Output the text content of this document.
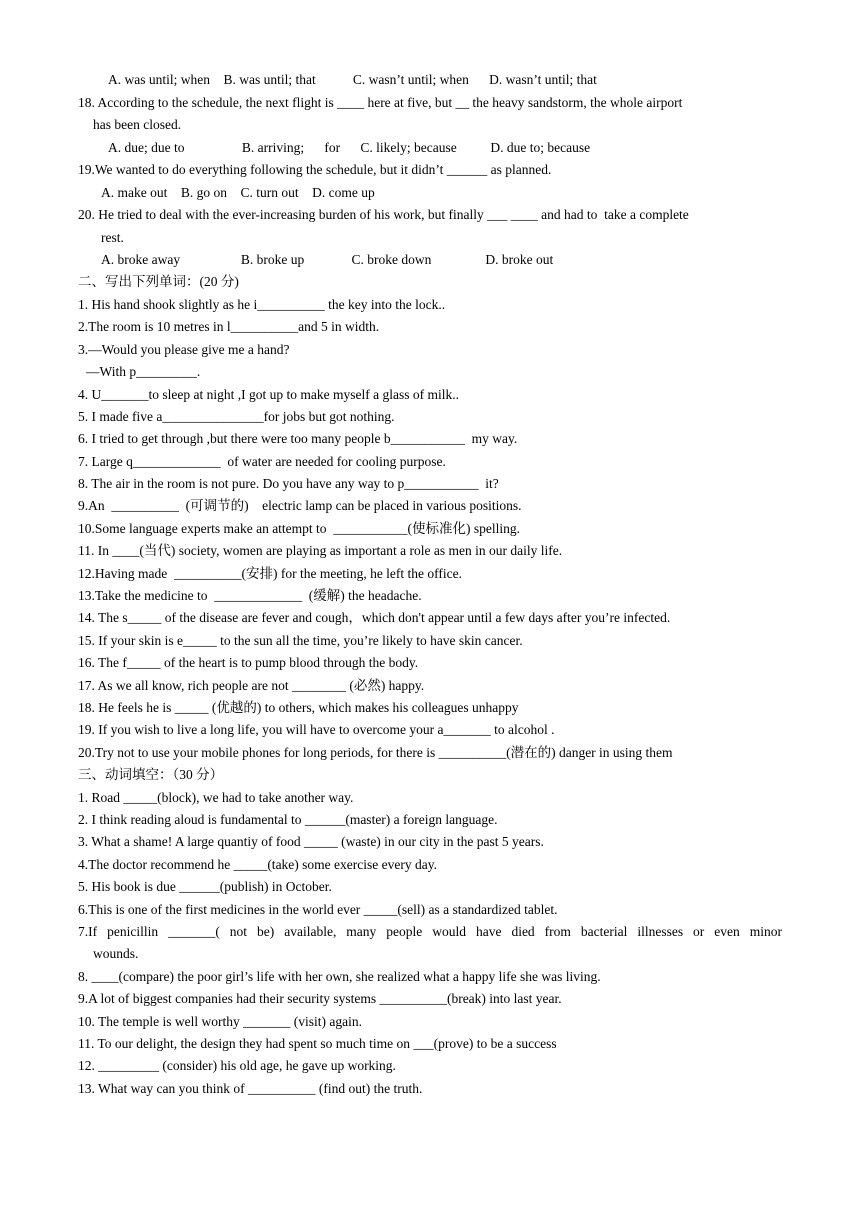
A. was until; when    B. was until; that           C. wasn’t until; when      D. wasn’t until; that
18. According to the schedule, the next flight is ____ here at five, but __ the heavy sandstorm, the whole airport
has been closed.
A. due; due to                 B. arriving;      for      C. likely; because          D. due to; because
19.We wanted to do everything following the schedule, but it didn’t ______ as planned.
A. make out    B. go on    C. turn out    D. come up
20. He tried to deal with the ever-increasing burden of his work, but finally ___ ____ and had to  take a complete
rest.
A. broke away                  B. broke up              C. broke down                D. broke out
二、写出下列单词：(20 分)
1. His hand shook slightly as he i__________ the key into the lock..
2.The room is 10 metres in l__________and 5 in width.
3.—Would you please give me a hand?
—With p_________.
4. U_______to sleep at night ,I got up to make myself a glass of milk..
5. I made five a_______________for jobs but got nothing.
6. I tried to get through ,but there were too many people b___________  my way.
7. Large q_____________  of water are needed for cooling purpose.
8. The air in the room is not pure. Do you have any way to p___________  it?
9.An  __________  (可调节的)    electric lamp can be placed in various positions.
10.Some language experts make an attempt to  ___________(使标准化) spelling.
11. In ____(当代) society, women are playing as important a role as men in our daily life.
12.Having made  __________(安排) for the meeting, he left the office.
13.Take the medicine to  _____________  (缓解) the headache.
14. The s_____ of the disease are fever and cough，which don't appear until a few days after you’re infected.
15. If your skin is e_____ to the sun all the time, you’re likely to have skin cancer.
16. The f_____ of the heart is to pump blood through the body.
17. As we all know, rich people are not ________ (必然) happy.
18. He feels he is _____ (优越的) to others, which makes his colleagues unhappy
19. If you wish to live a long life, you will have to overcome your a_______ to alcohol .
20.Try not to use your mobile phones for long periods, for there is __________(潜在的) danger in using them
三、动词填空：（30 分）
1. Road _____(block), we had to take another way.
2. I think reading aloud is fundamental to ______(master) a foreign language.
3. What a shame! A large quantiy of food _____ (waste) in our city in the past 5 years.
4.The doctor recommend he _____(take) some exercise every day.
5. His book is due ______(publish) in October.
6.This is one of the first medicines in the world ever _____(sell) as a standardized tablet.
7.If penicillin _______( not be) available, many people would have died from bacterial illnesses or even minor
wounds.
8. ____(compare) the poor girl’s life with her own, she realized what a happy life she was living.
9.A lot of biggest companies had their security systems __________(break) into last year.
10. The temple is well worthy _______ (visit) again.
11. To our delight, the design they had spent so much time on ___(prove) to be a success
12. _________ (consider) his old age, he gave up working.
13. What way can you think of __________ (find out) the truth.
